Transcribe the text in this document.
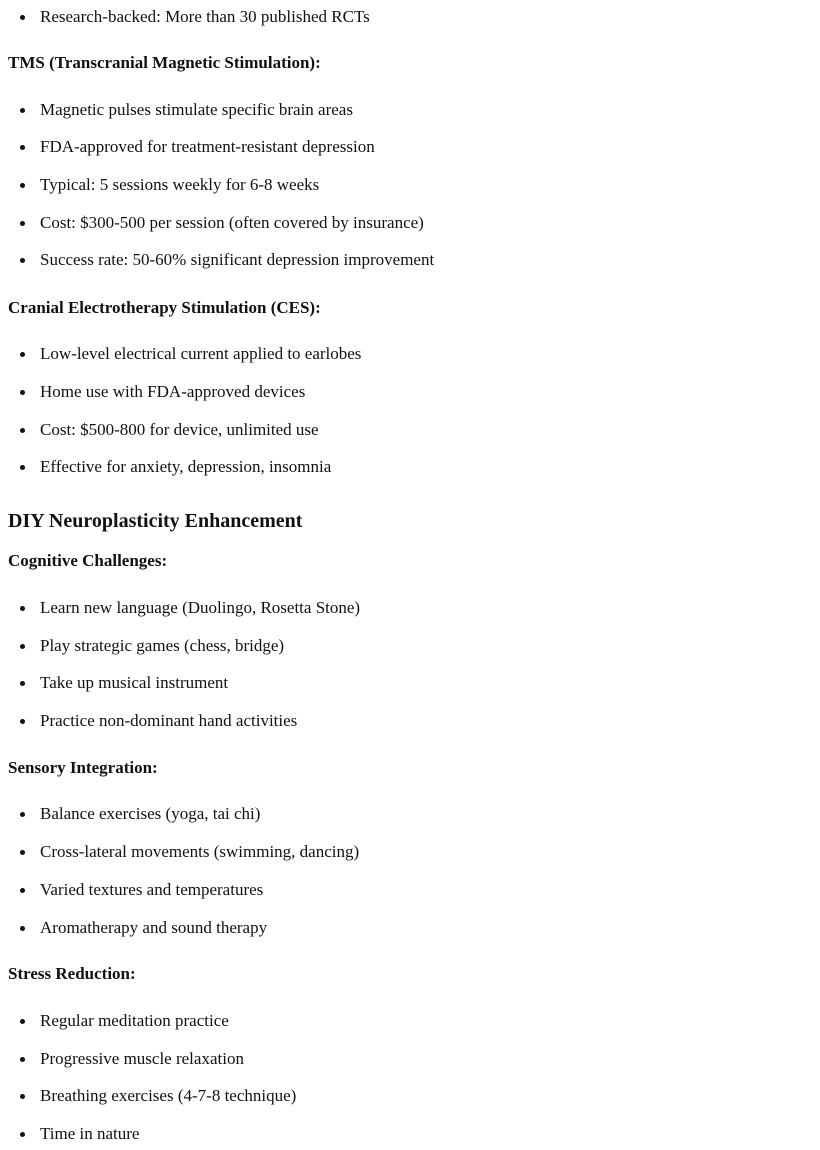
Research-backed: More than 30 published RCTs
TMS (Transcranial Magnetic Stimulation):
Magnetic pulses stimulate specific brain areas
FDA-approved for treatment-resistant depression
Typical: 5 sessions weekly for 6-8 weeks
Cost: $300-500 per session (often covered by insurance)
Success rate: 50-60% significant depression improvement
Cranial Electrotherapy Stimulation (CES):
Low-level electrical current applied to earlobes
Home use with FDA-approved devices
Cost: $500-800 for device, unlimited use
Effective for anxiety, depression, insomnia
DIY Neuroplasticity Enhancement
Cognitive Challenges:
Learn new language (Duolingo, Rosetta Stone)
Play strategic games (chess, bridge)
Take up musical instrument
Practice non-dominant hand activities
Sensory Integration:
Balance exercises (yoga, tai chi)
Cross-lateral movements (swimming, dancing)
Varied textures and temperatures
Aromatherapy and sound therapy
Stress Reduction:
Regular meditation practice
Progressive muscle relaxation
Breathing exercises (4-7-8 technique)
Time in nature
